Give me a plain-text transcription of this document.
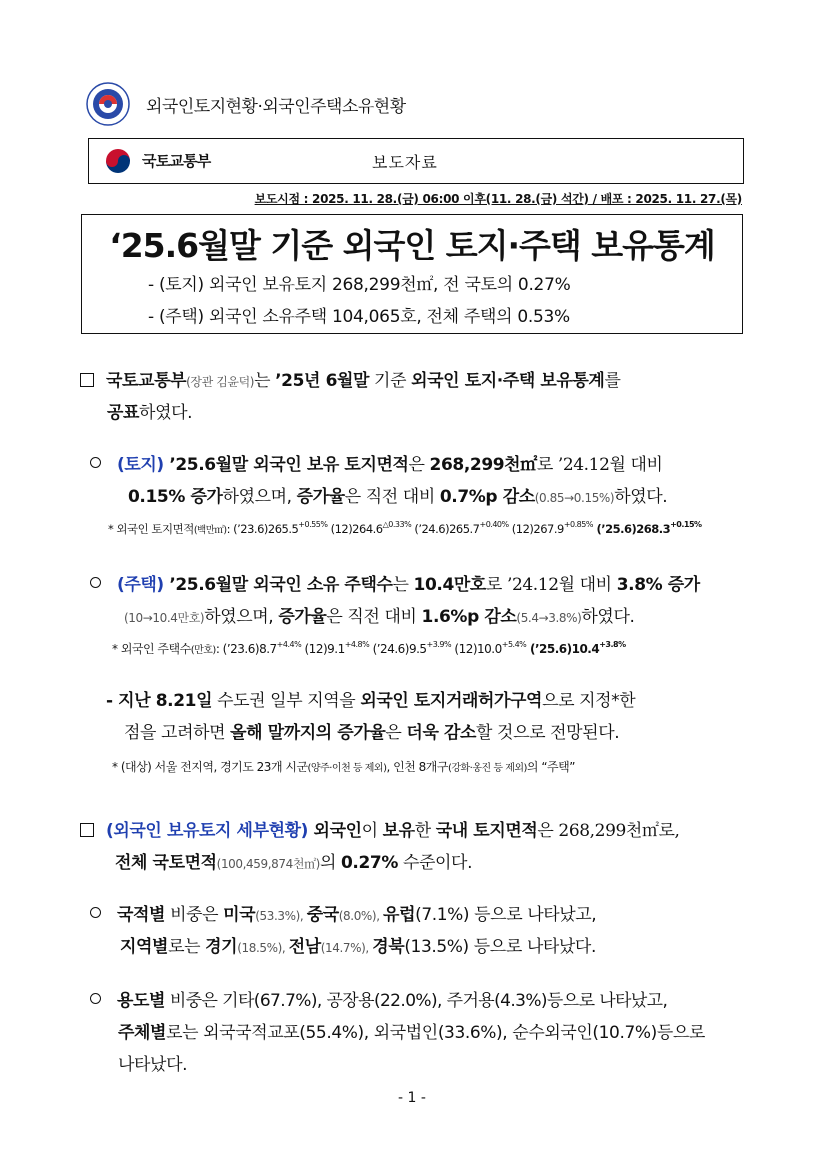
외국인토지현황·외국인주택소유현황
국토교통부	보도자료
보도시점 : 2025. 11. 28.(금) 06:00 이후(11. 28.(금) 석간) / 배포 : 2025. 11. 27.(목)
‘25.6월말 기준 외국인 토지·주택 보유통계
- (토지) 외국인 보유토지 268,299천㎡, 전 국토의 0.27%
- (주택) 외국인 소유주택 104,065호, 전체 주택의 0.53%
국토교통부(장관 김윤덕)는 ’25년 6월말 기준 외국인 토지·주택 보유통계를
공표하였다.
(토지) ’25.6월말 외국인 보유 토지면적은 268,299천㎡로 ’24.12월 대비
0.15% 증가하였으며, 증가율은 직전 대비 0.7%p 감소(0.85→0.15%)하였다.
* 외국인 토지면적(백만㎡): $(’23.6)265.5^{+0.55\%}$ $(12)264.6^{\triangle 0.33\%}$ $(’24.6)265.7^{+0.40\%}$ $(12)267.9^{+0.85\%}$ $(’25.6)268.3^{+0.15\%}$
(주택) ’25.6월말 외국인 소유 주택수는 10.4만호로 ’24.12월 대비 3.8% 증가
(10→10.4만호)하였으며, 증가율은 직전 대비 1.6%p 감소(5.4→3.8%)하였다.
* 외국인 주택수(만호): $(’23.6)8.7^{+4.4\%}$ $(12)9.1^{+4.8\%}$ $(’24.6)9.5^{+3.9\%}$ $(12)10.0^{+5.4\%}$ $(’25.6)10.4^{+3.8\%}$
- 지난 8.21일 수도권 일부 지역을 외국인 토지거래허가구역으로 지정*한
점을 고려하면 올해 말까지의 증가율은 더욱 감소할 것으로 전망된다.
* (대상) 서울 전지역, 경기도 23개 시군(양주·이천 등 제외), 인천 8개구(강화·옹진 등 제외)의 “주택”
(외국인 보유토지 세부현황) 외국인이 보유한 국내 토지면적은 268,299천㎡로,
전체 국토면적(100,459,874천㎡)의 0.27% 수준이다.
국적별 비중은 미국(53.3%), 중국(8.0%), 유럽(7.1%) 등으로 나타났고,
지역별로는 경기(18.5%), 전남(14.7%), 경북(13.5%) 등으로 나타났다.
용도별 비중은 기타(67.7%), 공장용(22.0%), 주거용(4.3%)등으로 나타났고,
주체별로는 외국국적교포(55.4%), 외국법인(33.6%), 순수외국인(10.7%)등으로
나타났다.
- 1 -
